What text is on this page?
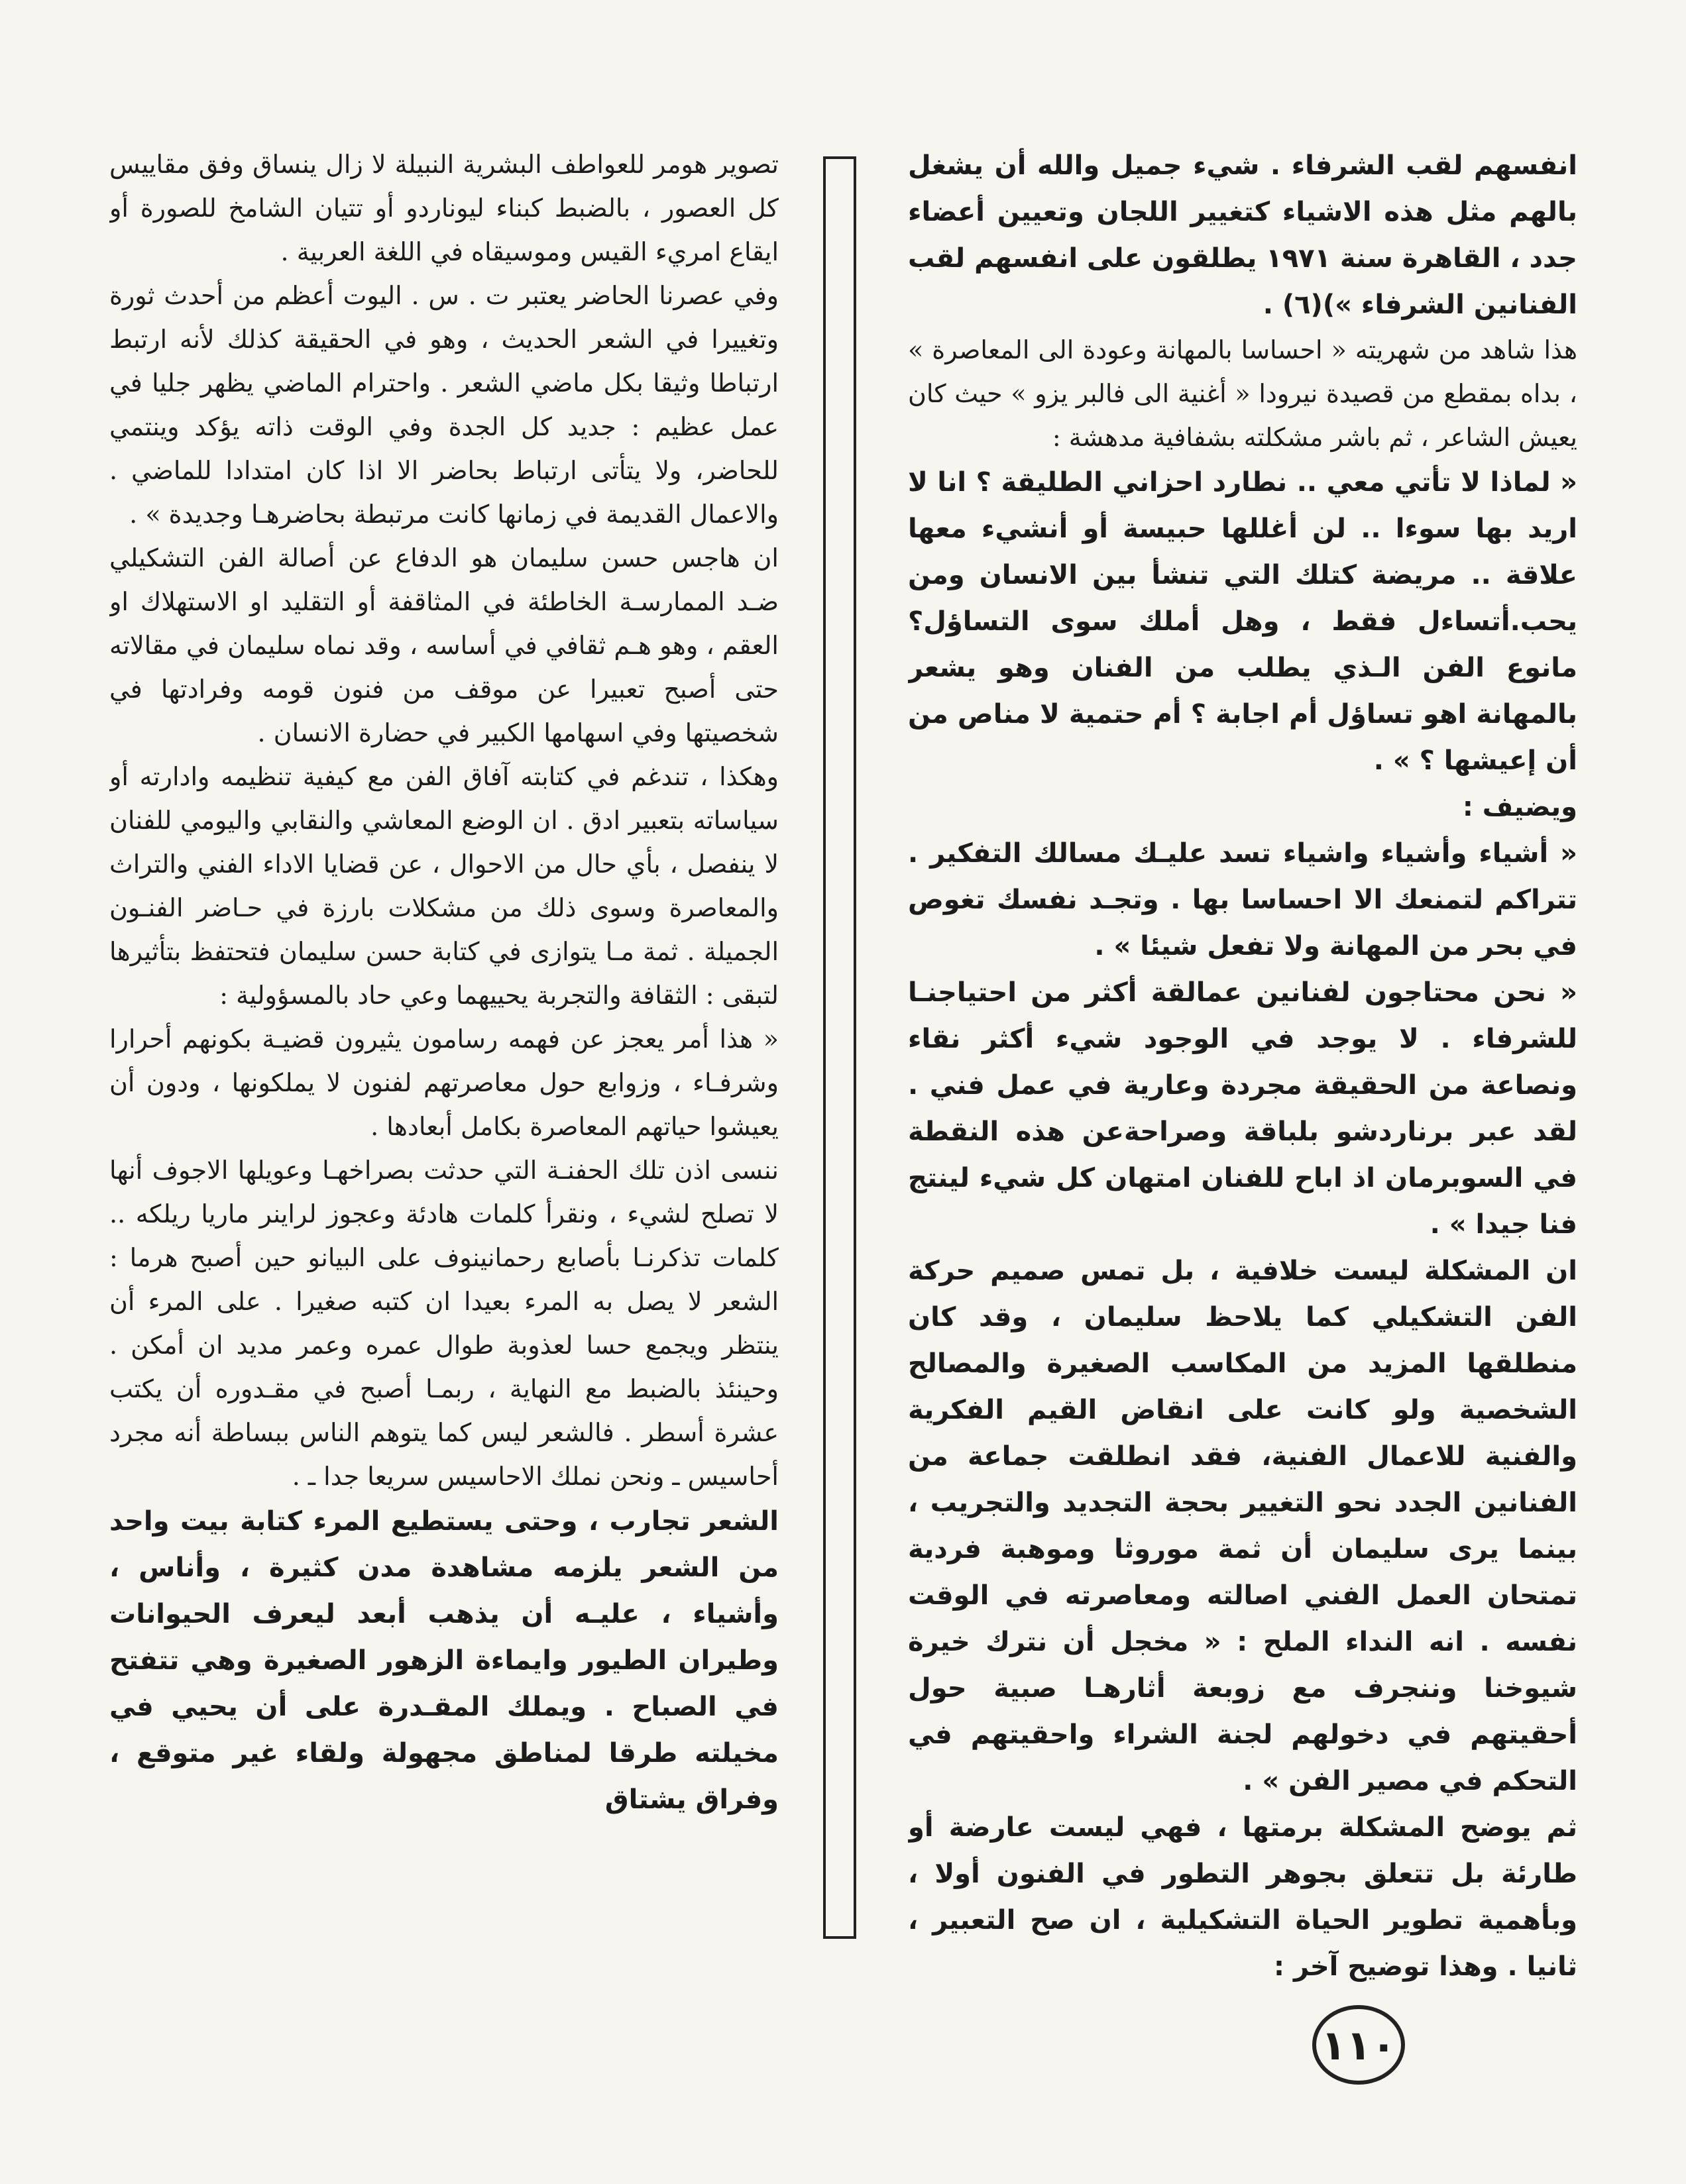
انفسهم لقب الشرفاء . شيء جميل والله أن يشغل بالهم مثل هذه الاشياء كتغيير اللجان وتعيين أعضاء جدد ، القاهرة سنة ١٩٧١ يطلقون على انفسهم لقب الفنانين الشرفاء »)(٦) .

هذا شاهد من شهريته « احساسا بالمهانة وعودة الى المعاصرة » ، بداه بمقطع من قصيدة نيرودا « أغنية الى فالبر يزو » حيث كان يعيش الشاعر ، ثم باشر مشكلته بشفافية مدهشة :

« لماذا لا تأتي معي .. نطارد احزاني الطليقة ؟ انا لا اريد بها سوءا .. لن أغللها حبيسة أو أنشيء معها علاقة .. مريضة كتلك التي تنشأ بين الانسان ومن يحب.أتساءل فقط ، وهل أملك سوى التساؤل؟ مانوع الفن الـذي يطلب من الفنان وهو يشعر بالمهانة اهو تساؤل أم اجابة ؟ أم حتمية لا مناص من أن إعيشها ؟ » .

ويضيف :

« أشياء وأشياء واشياء تسد عليـك مسالك التفكير . تتراكم لتمنعك الا احساسا بها . وتجـد نفسك تغوص في بحر من المهانة ولا تفعل شيئا » .

« نحن محتاجون لفنانين عمالقة أكثر من احتياجنـا للشرفاء . لا يوجد في الوجود شيء أكثر نقاء ونصاعة من الحقيقة مجردة وعارية في عمل فني . لقد عبر برناردشو بلباقة وصراحةعن هذه النقطة في السوبرمان اذ اباح للفنان امتهان كل شيء لينتج فنا جيدا » .

ان المشكلة ليست خلافية ، بل تمس صميم حركة الفن التشكيلي كما يلاحظ سليمان ، وقد كان منطلقها المزيد من المكاسب الصغيرة والمصالح الشخصية ولو كانت على انقاض القيم الفكرية والفنية للاعمال الفنية، فقد انطلقت جماعة من الفنانين الجدد نحو التغيير بحجة التجديد والتجريب ، بينما يرى سليمان أن ثمة موروثا وموهبة فردية تمتحان العمل الفني اصالته ومعاصرته في الوقت نفسه . انه النداء الملح : « مخجل أن نترك خيرة شيوخنا وننجرف مع زوبعة أثارهـا صبية حول أحقيتهم في دخولهم لجنة الشراء واحقيتهم في التحكم في مصير الفن » .

ثم يوضح المشكلة برمتها ، فهي ليست عارضة أو طارئة بل تتعلق بجوهر التطور في الفنون أولا ، وبأهمية تطوير الحياة التشكيلية ، ان صح التعبير ، ثانيا . وهذا توضيح آخر :

تصوير هومر للعواطف البشرية النبيلة لا زال ينساق وفق مقاييس كل العصور ، بالضبط كبناء ليوناردو أو تتيان الشامخ للصورة أو ايقاع امريء القيس وموسيقاه في اللغة العربية .

وفي عصرنا الحاضر يعتبر ت . س . اليوت أعظم من أحدث ثورة وتغييرا في الشعر الحديث ، وهو في الحقيقة كذلك لأنه ارتبط ارتباطا وثيقا بكل ماضي الشعر . واحترام الماضي يظهر جليا في عمل عظيم : جديد كل الجدة وفي الوقت ذاته يؤكد وينتمي للحاضر، ولا يتأتى ارتباط بحاضر الا اذا كان امتدادا للماضي . والاعمال القديمة في زمانها كانت مرتبطة بحاضرهـا وجديدة » .

ان هاجس حسن سليمان هو الدفاع عن أصالة الفن التشكيلي ضـد الممارسـة الخاطئة في المثاقفة أو التقليد او الاستهلاك او العقم ، وهو هـم ثقافي في أساسه ، وقد نماه سليمان في مقالاته حتى أصبح تعبيرا عن موقف من فنون قومه وفرادتها في شخصيتها وفي اسهامها الكبير في حضارة الانسان .

وهكذا ، تندغم في كتابته آفاق الفن مع كيفية تنظيمه وادارته أو سياساته بتعبير ادق . ان الوضع المعاشي والنقابي واليومي للفنان لا ينفصل ، بأي حال من الاحوال ، عن قضايا الاداء الفني والتراث والمعاصرة وسوى ذلك من مشكلات بارزة في حـاضر الفنـون الجميلة . ثمة مـا يتوازى في كتابة حسن سليمان فتحتفظ بتأثيرها لتبقى : الثقافة والتجربة يحييهما وعي حاد بالمسؤولية :

« هذا أمر يعجز عن فهمه رسامون يثيرون قضيـة بكونهم أحرارا وشرفـاء ، وزوابع حول معاصرتهم لفنون لا يملكونها ، ودون أن يعيشوا حياتهم المعاصرة بكامل أبعادها .

ننسى اذن تلك الحفنـة التي حدثت بصراخهـا وعويلها الاجوف أنها لا تصلح لشيء ، ونقرأ كلمات هادئة وعجوز لراينر ماريا ريلكه .. كلمات تذكرنـا بأصابع رحمانينوف على البيانو حين أصبح هرما : الشعر لا يصل به المرء بعيدا ان كتبه صغيرا . على المرء أن ينتظر ويجمع حسا لعذوبة طوال عمره وعمر مديد ان أمكن . وحينئذ بالضبط مع النهاية ، ربمـا أصبح في مقـدوره أن يكتب عشرة أسطر . فالشعر ليس كما يتوهم الناس ببساطة أنه مجرد أحاسيس ـ ونحن نملك الاحاسيس سريعا جدا ـ .

الشعر تجارب ، وحتى يستطيع المرء كتابة بيت واحد من الشعر يلزمه مشاهدة مدن كثيرة ، وأناس ، وأشياء ، عليـه أن يذهب أبعد ليعرف الحيوانات وطيران الطيور وايماءة الزهور الصغيرة وهي تتفتح في الصباح . ويملك المقـدرة على أن يحيي في مخيلته طرقا لمناطق مجهولة ولقاء غير متوقع ، وفراق يشتاق

١١٠
